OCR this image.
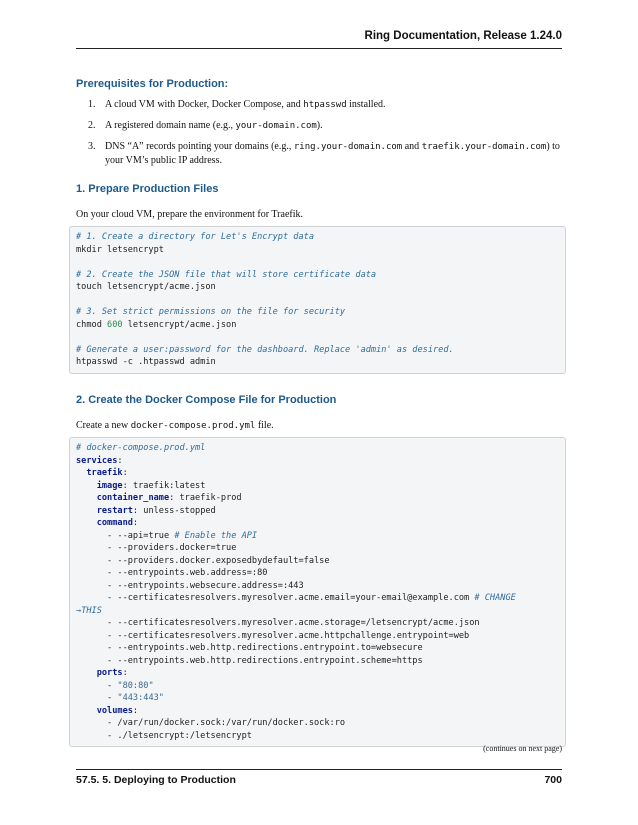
Ring Documentation, Release 1.24.0
Prerequisites for Production:
1. A cloud VM with Docker, Docker Compose, and htpasswd installed.
2. A registered domain name (e.g., your-domain.com).
3. DNS “A” records pointing your domains (e.g., ring.your-domain.com and traefik.your-domain.com) to your VM’s public IP address.
1. Prepare Production Files

On your cloud VM, prepare the environment for Traefik.

# 1. Create a directory for Let's Encrypt data
mkdir letsencrypt

# 2. Create the JSON file that will store certificate data
touch letsencrypt/acme.json

# 3. Set strict permissions on the file for security
chmod 600 letsencrypt/acme.json

# Generate a user:password for the dashboard. Replace 'admin' as desired.
htpasswd -c .htpasswd admin
2. Create the Docker Compose File for Production

Create a new docker-compose.prod.yml file.

# docker-compose.prod.yml
services:
traefik:
image: traefik:latest
container_name: traefik-prod
restart: unless-stopped
command:
- --api=true # Enable the API
- --providers.docker=true
- --providers.docker.exposedbydefault=false
- --entrypoints.web.address=:80
- --entrypoints.websecure.address=:443
- --certificatesresolvers.myresolver.acme.email=your-email@example.com # CHANGE
→THIS
- --certificatesresolvers.myresolver.acme.storage=/letsencrypt/acme.json
- --certificatesresolvers.myresolver.acme.httpchallenge.entrypoint=web
- --entrypoints.web.http.redirections.entrypoint.to=websecure
- --entrypoints.web.http.redirections.entrypoint.scheme=https
ports:
- "80:80"
- "443:443"
volumes:
- /var/run/docker.sock:/var/run/docker.sock:ro
- ./letsencrypt:/letsencrypt
(continues on next page)
57.5. 5. Deploying to Production	700
